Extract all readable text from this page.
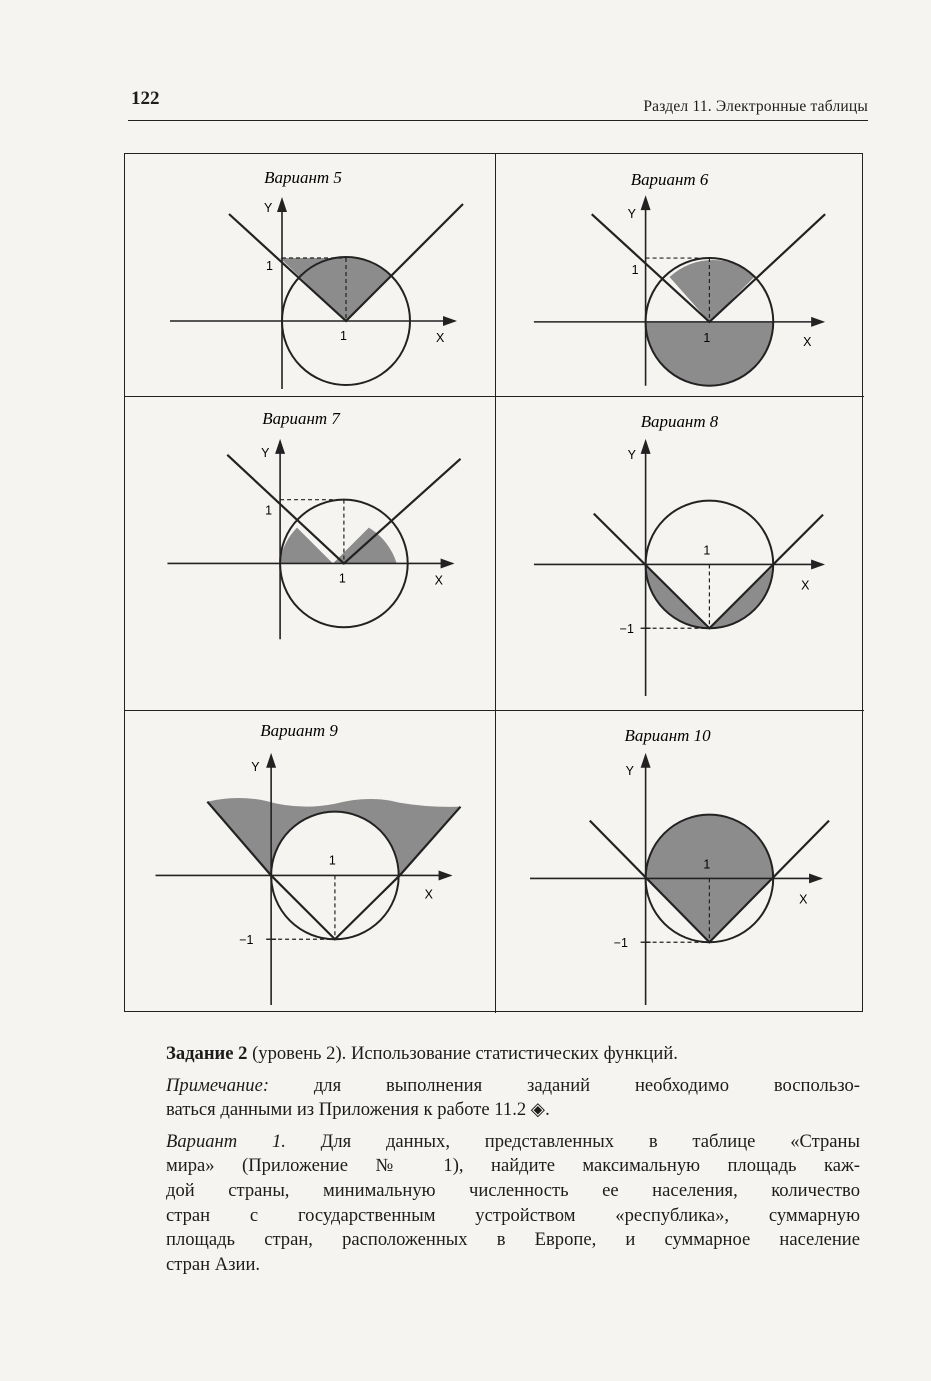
122	Раздел 11. Электронные таблицы
Вариант 5
Y
X
1
1
Вариант 6
Y
X
1
1
Вариант 7
Y
X
1
1
Вариант 8
Y
X
−1
1
Вариант 9
Y
X
−1
1
Вариант 10
Y
X
−1
1

Задание 2 (уровень 2). Использование статистических функций.

Примечание: для выполнения заданий необходимо воспользо-
ваться данными из Приложения к работе 11.2 ◈.

Вариант 1. Для данных, представленных в таблице «Страны
мира» (Приложение № 1), найдите максимальную площадь каж-
дой страны, минимальную численность ее населения, количество
стран с государственным устройством «республика», суммарную
площадь стран, расположенных в Европе, и суммарное население
стран Азии.
